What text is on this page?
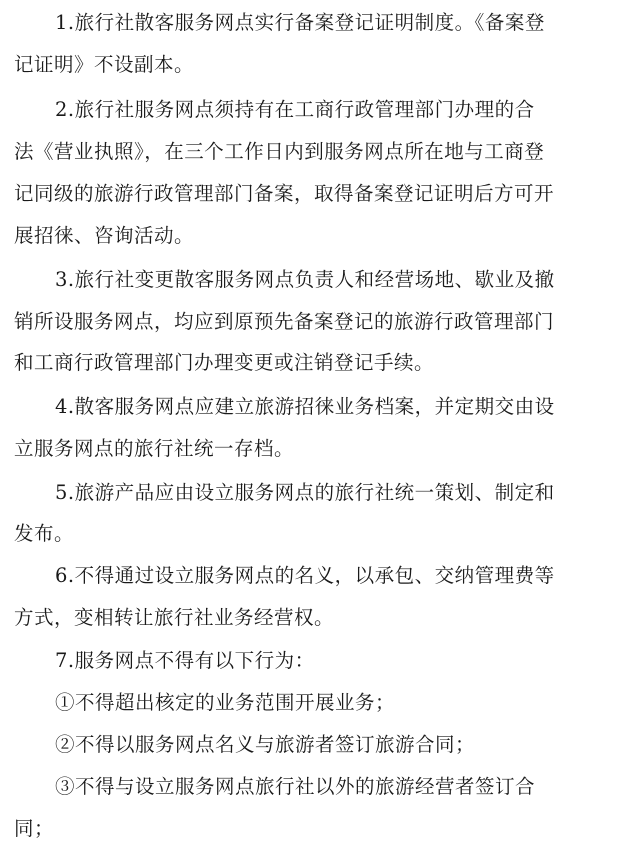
1.旅行社散客服务网点实行备案登记证明制度。《备案登
记证明》不设副本。
2.旅行社服务网点须持有在工商行政管理部门办理的合
法《营业执照》，在三个工作日内到服务网点所在地与工商登
记同级的旅游行政管理部门备案，取得备案登记证明后方可开
展招徕、咨询活动。
3.旅行社变更散客服务网点负责人和经营场地、歇业及撤
销所设服务网点，均应到原预先备案登记的旅游行政管理部门
和工商行政管理部门办理变更或注销登记手续。
4.散客服务网点应建立旅游招徕业务档案，并定期交由设
立服务网点的旅行社统一存档。
5.旅游产品应由设立服务网点的旅行社统一策划、制定和
发布。
6.不得通过设立服务网点的名义，以承包、交纳管理费等
方式，变相转让旅行社业务经营权。
7.服务网点不得有以下行为：
①不得超出核定的业务范围开展业务；
②不得以服务网点名义与旅游者签订旅游合同；
③不得与设立服务网点旅行社以外的旅游经营者签订合
同；
